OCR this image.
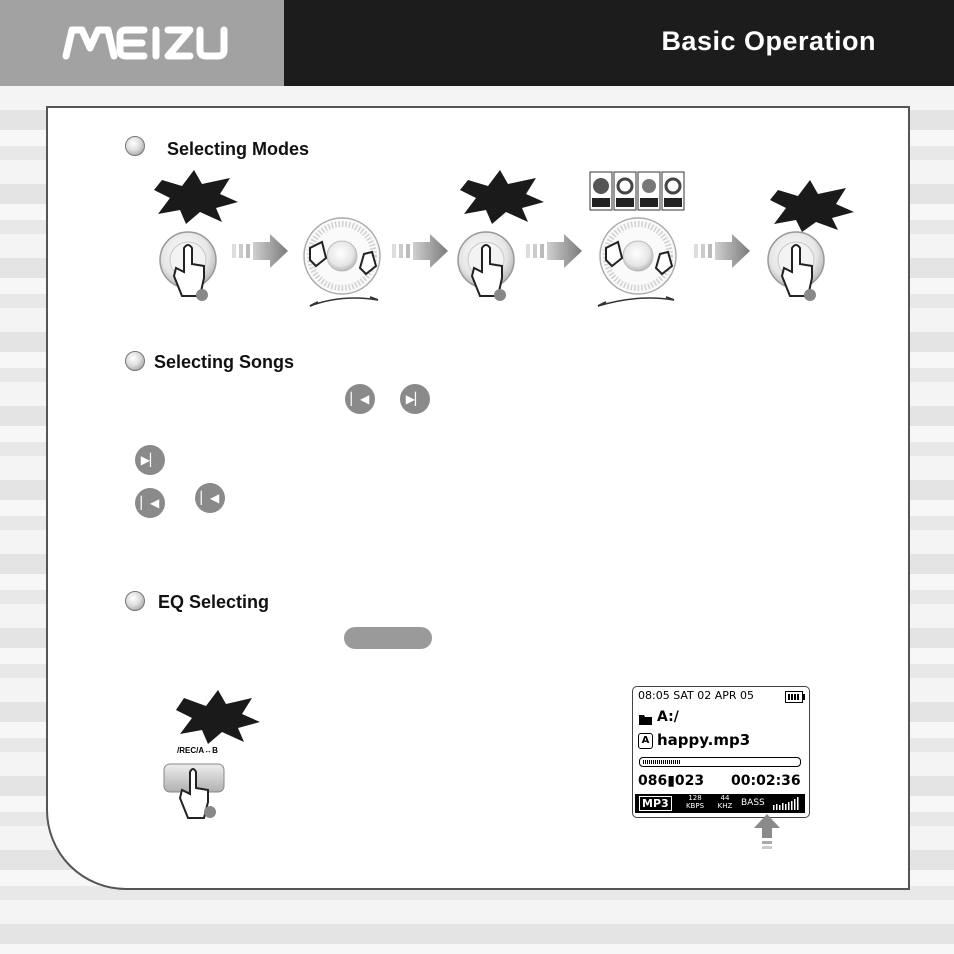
Basic Operation
Selecting Modes
Selecting Songs
▏◀	▶▏
▶▏
▏◀	▏◀
EQ Selecting
/REC/A↔B
08:05 SAT 02 APR 05
A:/
A happy.mp3
086▮023 00:02:36
MP3	128
KBPS
44
KHZ BASS
